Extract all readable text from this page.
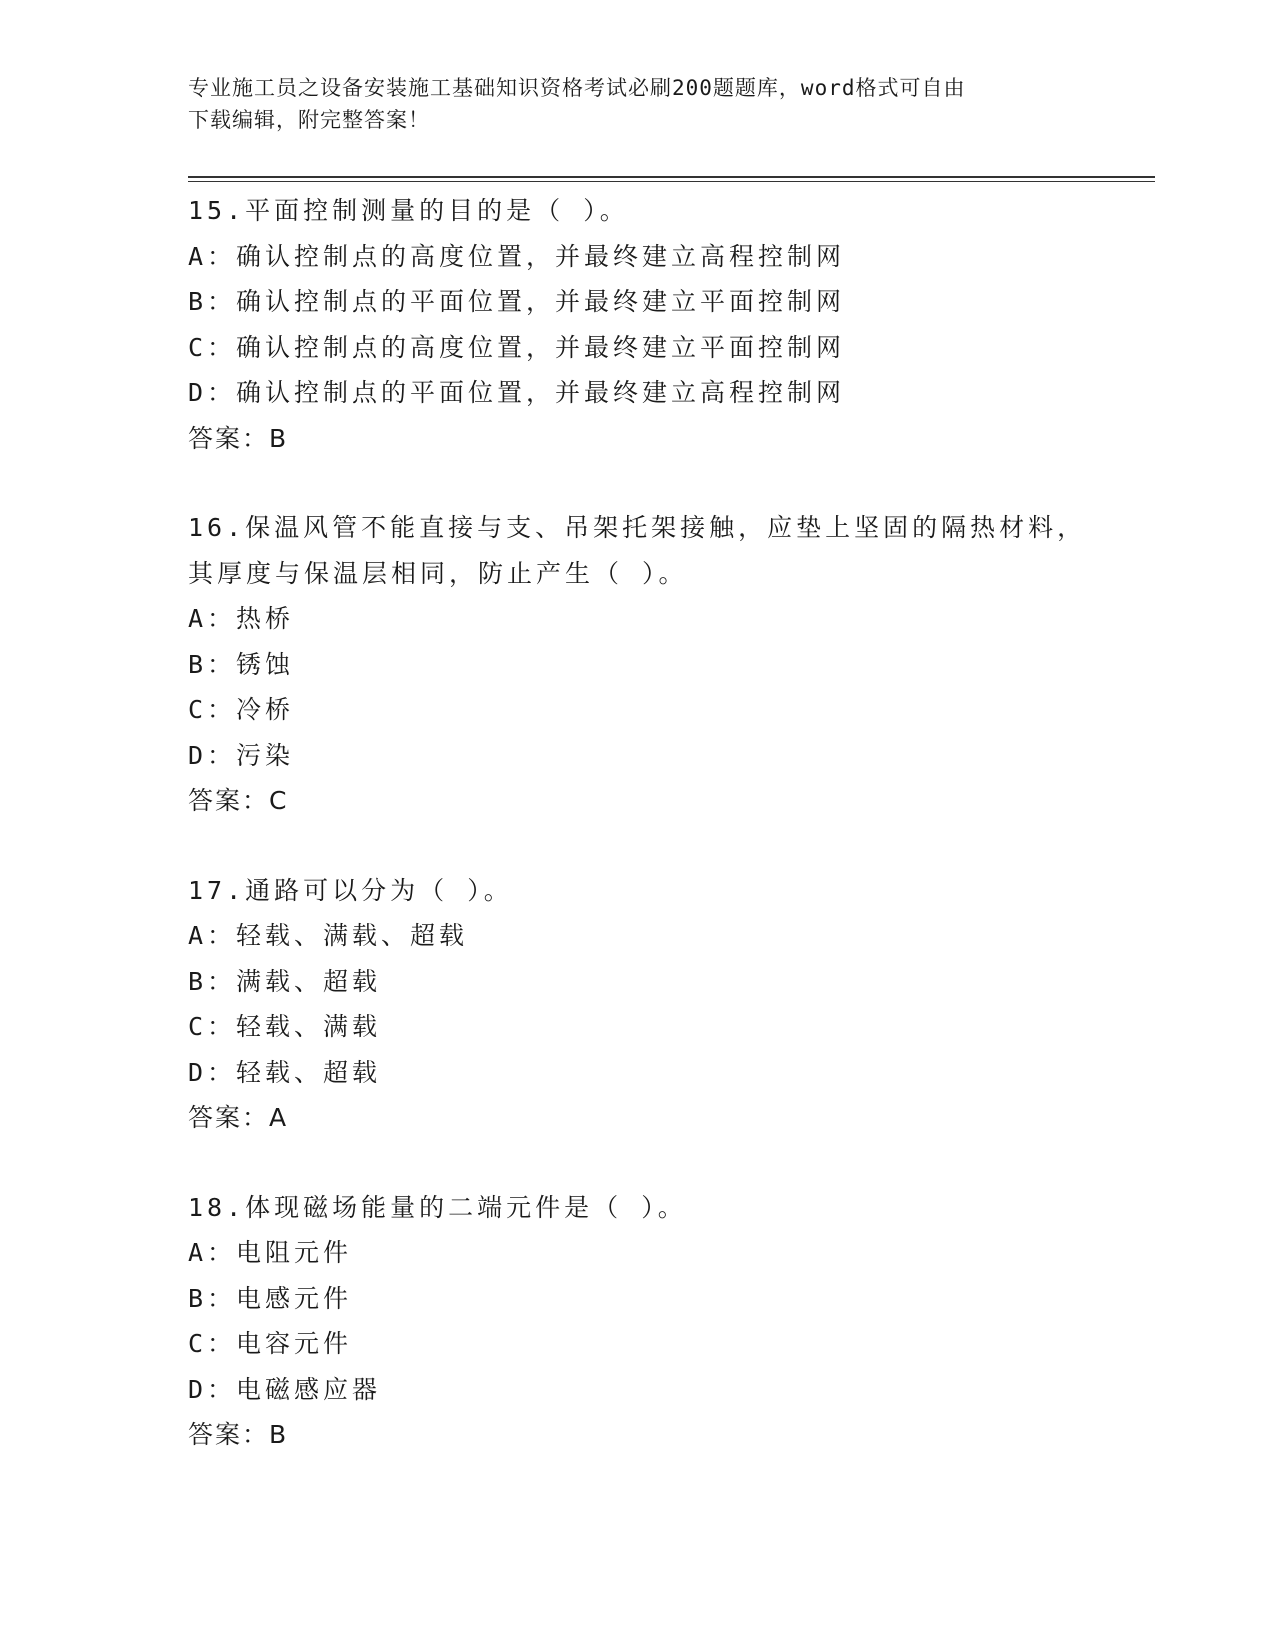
专业施工员之设备安装施工基础知识资格考试必刷200题题库，word格式可自由
下载编辑，附完整答案！
15.平面控制测量的目的是（ ）。
A：确认控制点的高度位置，并最终建立高程控制网
B：确认控制点的平面位置，并最终建立平面控制网
C：确认控制点的高度位置，并最终建立平面控制网
D：确认控制点的平面位置，并最终建立高程控制网
答案：B
16.保温风管不能直接与支、吊架托架接触，应垫上坚固的隔热材料，
其厚度与保温层相同，防止产生（ ）。
A：热桥
B：锈蚀
C：冷桥
D：污染
答案：C
17.通路可以分为（ ）。
A：轻载、满载、超载
B：满载、超载
C：轻载、满载
D：轻载、超载
答案：A
18.体现磁场能量的二端元件是（ ）。
A：电阻元件
B：电感元件
C：电容元件
D：电磁感应器
答案：B
